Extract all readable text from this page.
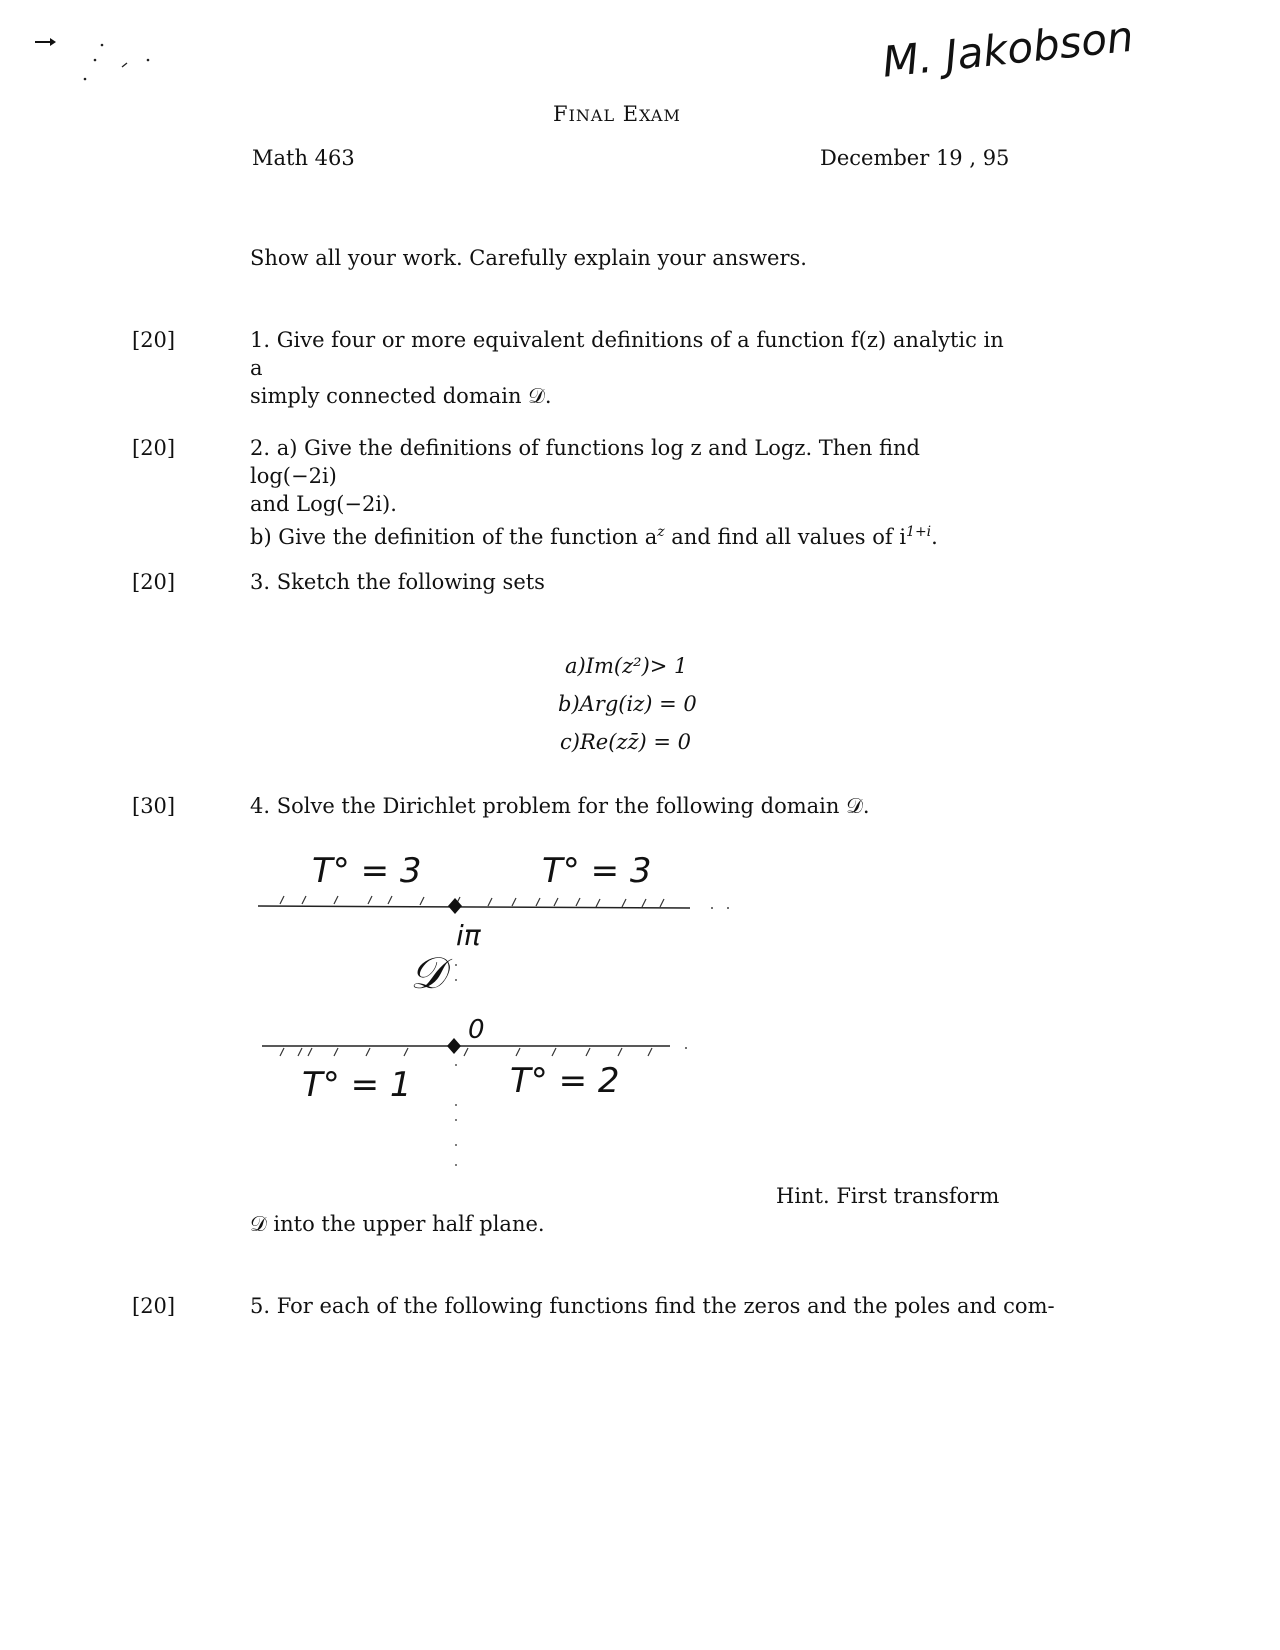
M. Jakobson
FINAL EXAM
Math 463	December 19 , 95
Show all your work. Carefully explain your answers.
[20]	1. Give four or more equivalent definitions of a function f(z) analytic in a
simply connected domain 𝒟.
[20]	2. a) Give the definitions of functions log z and Logz. Then find log(−2i)
and Log(−2i).
b) Give the definition of the function $a^z$ and find all values of $i^{1+i}$.
[20]	3. Sketch the following sets
a)Im(z²)> 1
b)Arg(iz) = 0
c)Re(zz̄) = 0
[30]	4. Solve the Dirichlet problem for the following domain 𝒟.
T° = 3	T° = 3
iπ
𝒟
0
T° = 1	T° = 2
Hint. First transform
𝒟 into the upper half plane.
[20]	5. For each of the following functions find the zeros and the poles and com-
